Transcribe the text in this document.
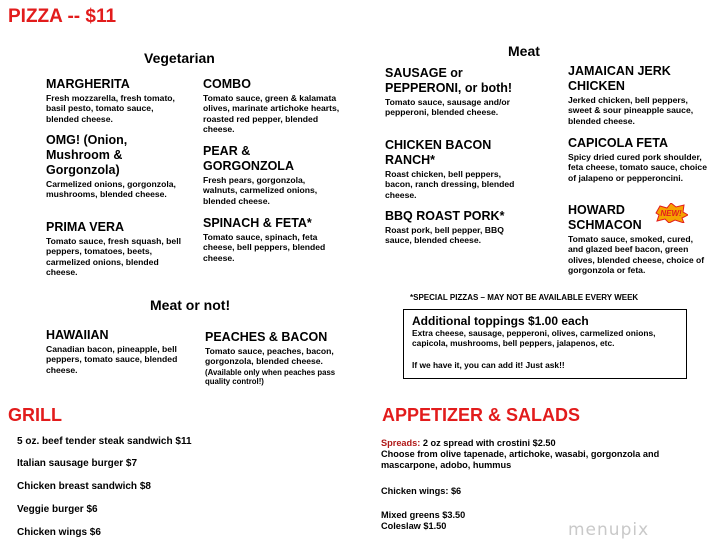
PIZZA -- $11
Vegetarian
MARGHERITA
Fresh mozzarella, fresh tomato, basil pesto, tomato sauce, blended cheese.
OMG! (Onion, Mushroom & Gorgonzola)
Carmelized onions, gorgonzola, mushrooms, blended cheese.
PRIMA VERA
Tomato sauce, fresh squash, bell peppers, tomatoes, beets, carmelized onions, blended cheese.
COMBO
Tomato sauce, green & kalamata olives, marinate artichoke hearts, roasted red pepper, blended cheese.
PEAR & GORGONZOLA
Fresh pears, gorgonzola, walnuts, carmelized onions, blended cheese.
SPINACH & FETA*
Tomato sauce, spinach, feta cheese, bell peppers, blended cheese.
Meat
SAUSAGE or PEPPERONI, or both!
Tomato sauce, sausage and/or pepperoni, blended cheese.
CHICKEN BACON RANCH*
Roast chicken, bell peppers, bacon, ranch dressing, blended cheese.
BBQ ROAST PORK*
Roast pork, bell pepper, BBQ sauce, blended cheese.
JAMAICAN JERK CHICKEN
Jerked chicken, bell peppers, sweet & sour pineapple sauce, blended cheese.
CAPICOLA FETA
Spicy dried cured pork shoulder, feta cheese, tomato sauce, choice of jalapeno or pepperoncini.
HOWARD SCHMACON
Tomato sauce, smoked, cured, and glazed beef bacon, green olives, blended cheese, choice of gorgonzola or feta.
NEW!
Meat or not!
HAWAIIAN
Canadian bacon, pineapple, bell peppers, tomato sauce, blended cheese.
PEACHES & BACON
Tomato sauce, peaches, bacon, gorgonzola, blended cheese.
(Available only when peaches pass quality control!)
*SPECIAL PIZZAS – MAY NOT BE AVAILABLE EVERY WEEK
Additional toppings $1.00 each
Extra cheese, sausage, pepperoni, olives, carmelized onions, capicola, mushrooms, bell peppers, jalapenos, etc.
If we have it, you can add it! Just ask!!
GRILL
5 oz. beef tender steak sandwich $11
Italian sausage burger $7
Chicken breast sandwich $8
Veggie burger $6
Chicken wings $6
APPETIZER & SALADS
Spreads: 2 oz spread with crostini $2.50
Choose from olive tapenade, artichoke, wasabi, gorgonzola and mascarpone, adobo, hummus
Chicken wings: $6
Mixed greens $3.50
Coleslaw $1.50	menupix
